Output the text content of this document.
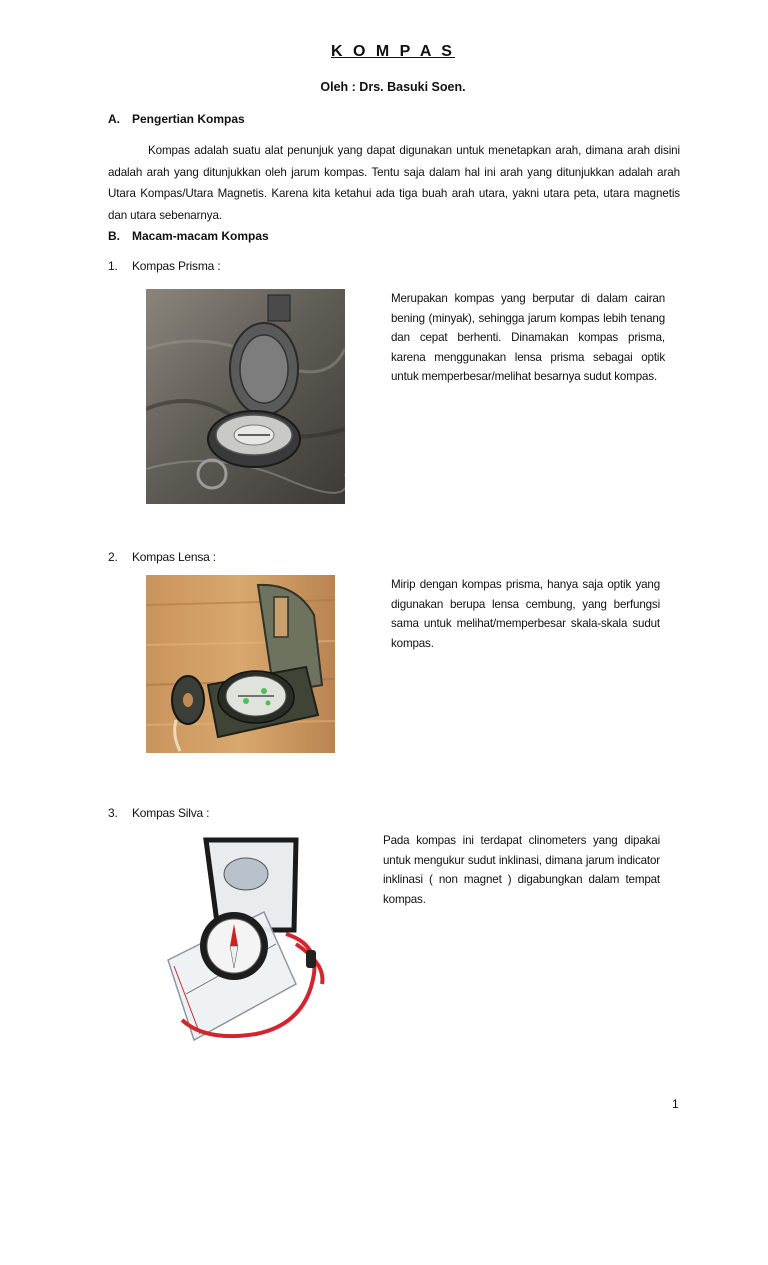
K O M P A S
Oleh : Drs. Basuki Soen.
A. Pengertian Kompas
Kompas adalah suatu alat penunjuk yang dapat digunakan untuk menetapkan arah, dimana arah disini adalah arah yang ditunjukkan oleh jarum kompas. Tentu saja dalam hal ini arah yang ditunjukkan adalah arah Utara Kompas/Utara Magnetis. Karena kita ketahui ada tiga buah arah utara, yakni utara peta, utara magnetis dan utara sebenarnya.
B. Macam-macam Kompas
1. Kompas Prisma :
Merupakan kompas yang berputar di dalam cairan bening (minyak), sehingga jarum kompas lebih tenang dan cepat berhenti. Dinamakan kompas prisma, karena menggunakan lensa prisma sebagai optik untuk memperbesar/melihat besarnya sudut kompas.
2. Kompas Lensa :
Mirip dengan kompas prisma, hanya saja optik yang digunakan berupa lensa cembung, yang berfungsi sama untuk melihat/memperbesar skala-skala sudut kompas.
3. Kompas Silva :
Pada kompas ini terdapat clinometers yang dipakai untuk mengukur sudut inklinasi, dimana jarum indicator inklinasi ( non magnet ) digabungkan dalam tempat kompas.
1
